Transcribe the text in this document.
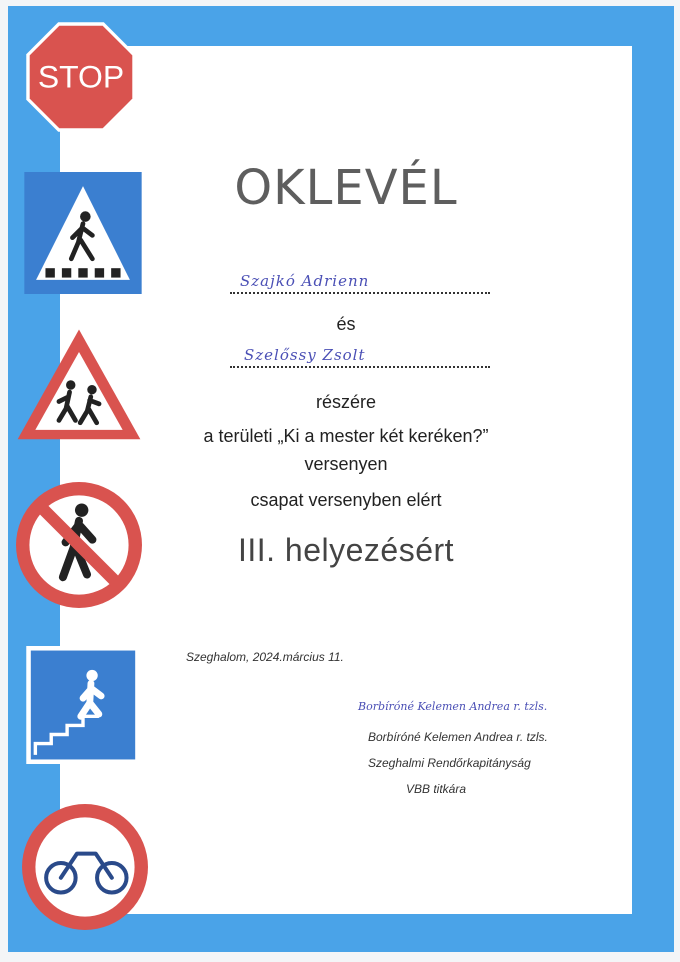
STOP
OKLEVÉL
Szajkó Adrienn
és
Szelőssy Zsolt
részére
a területi „Ki a mester két keréken?”
versenyen
csapat versenyben elért
III. helyezésért
Szeghalom, 2024.március 11.
Borbíróné Kelemen Andrea r. tzls.
Borbíróné Kelemen Andrea r. tzls.
Szeghalmi Rendőrkapitányság
VBB titkára
